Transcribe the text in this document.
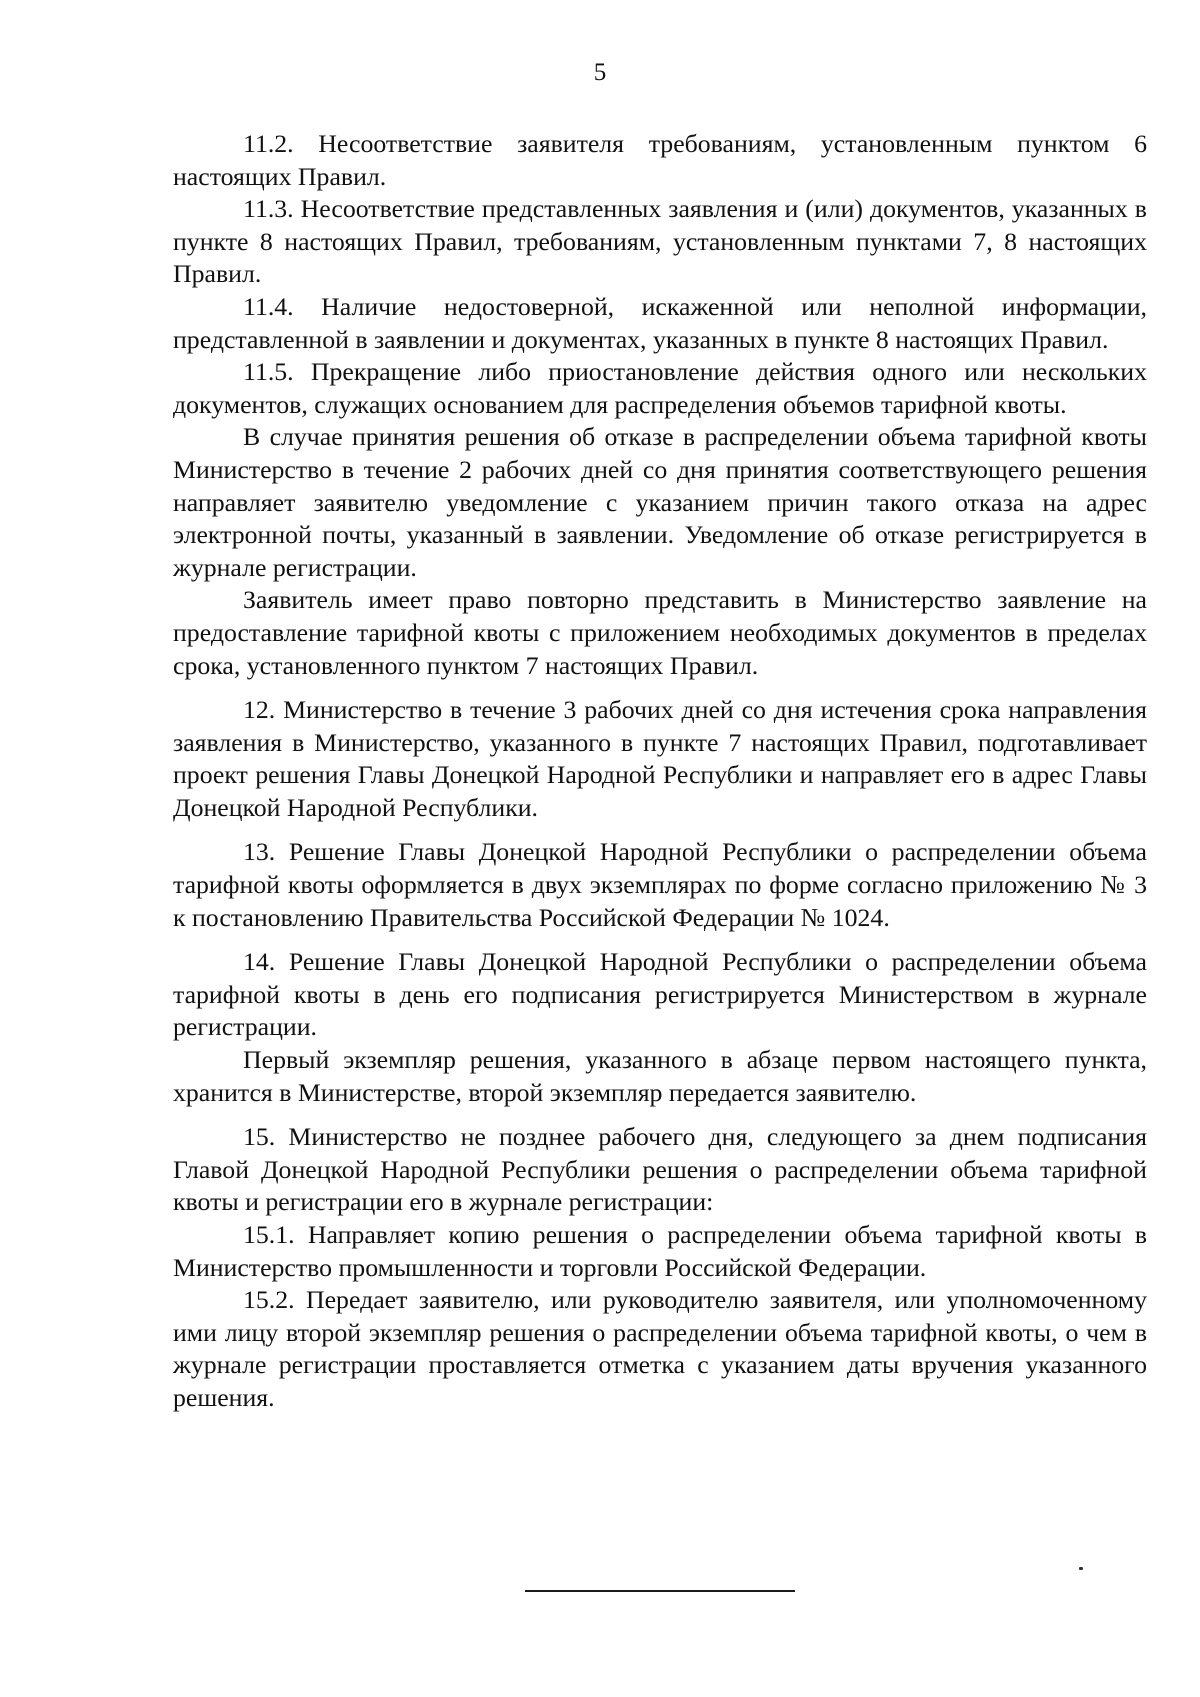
5

11.2. Несоответствие заявителя требованиям, установленным пунктом 6 настоящих Правил.

11.3. Несоответствие представленных заявления и (или) документов, указанных в пункте 8 настоящих Правил, требованиям, установленным пунктами 7, 8 настоящих Правил.

11.4. Наличие недостоверной, искаженной или неполной информации, представленной в заявлении и документах, указанных в пункте 8 настоящих Правил.

11.5. Прекращение либо приостановление действия одного или нескольких документов, служащих основанием для распределения объемов тарифной квоты.

В случае принятия решения об отказе в распределении объема тарифной квоты Министерство в течение 2 рабочих дней со дня принятия соответствующего решения направляет заявителю уведомление с указанием причин такого отказа на адрес электронной почты, указанный в заявлении. Уведомление об отказе регистрируется в журнале регистрации.

Заявитель имеет право повторно представить в Министерство заявление на предоставление тарифной квоты с приложением необходимых документов в пределах срока, установленного пунктом 7 настоящих Правил.

12. Министерство в течение 3 рабочих дней со дня истечения срока направления заявления в Министерство, указанного в пункте 7 настоящих Правил, подготавливает проект решения Главы Донецкой Народной Республики и направляет его в адрес Главы Донецкой Народной Республики.

13. Решение Главы Донецкой Народной Республики о распределении объема тарифной квоты оформляется в двух экземплярах по форме согласно приложению № 3 к постановлению Правительства Российской Федерации № 1024.

14. Решение Главы Донецкой Народной Республики о распределении объема тарифной квоты в день его подписания регистрируется Министерством в журнале регистрации.

Первый экземпляр решения, указанного в абзаце первом настоящего пункта, хранится в Министерстве, второй экземпляр передается заявителю.

15. Министерство не позднее рабочего дня, следующего за днем подписания Главой Донецкой Народной Республики решения о распределении объема тарифной квоты и регистрации его в журнале регистрации:

15.1. Направляет копию решения о распределении объема тарифной квоты в Министерство промышленности и торговли Российской Федерации.

15.2. Передает заявителю, или руководителю заявителя, или уполномоченному ими лицу второй экземпляр решения о распределении объема тарифной квоты, о чем в журнале регистрации проставляется отметка с указанием даты вручения указанного решения.
